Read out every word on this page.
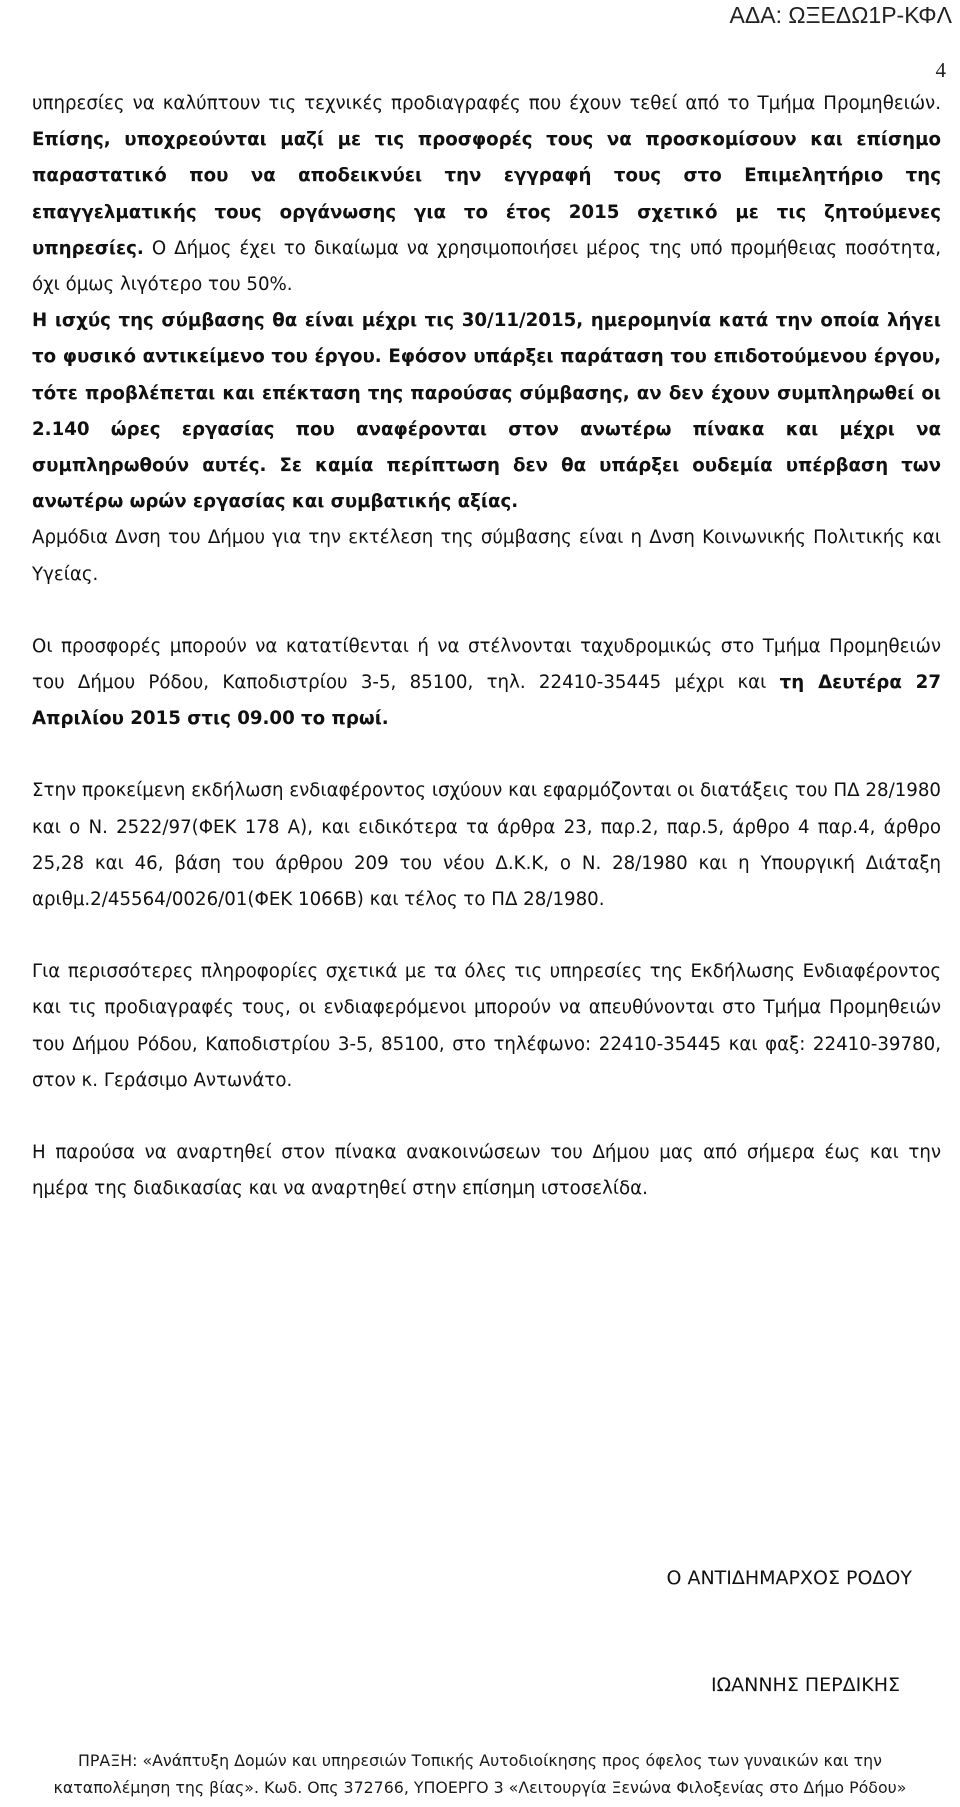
ΑΔΑ: ΩΞΕΔΩ1Ρ-ΚΦΛ
4

υπηρεσίες να καλύπτουν τις τεχνικές προδιαγραφές που έχουν τεθεί από το Τμήμα Προμηθειών. Επίσης, υποχρεούνται μαζί με τις προσφορές τους να προσκομίσουν και επίσημο παραστατικό που να αποδεικνύει την εγγραφή τους στο Επιμελητήριο της επαγγελματικής τους οργάνωσης για το έτος 2015 σχετικό με τις ζητούμενες υπηρεσίες. Ο Δήμος έχει το δικαίωμα να χρησιμοποιήσει μέρος της υπό προμήθειας ποσότητα, όχι όμως λιγότερο του 50%.

Η ισχύς της σύμβασης θα είναι μέχρι τις 30/11/2015, ημερομηνία κατά την οποία λήγει το φυσικό αντικείμενο του έργου. Εφόσον υπάρξει παράταση του επιδοτούμενου έργου, τότε προβλέπεται και επέκταση της παρούσας σύμβασης, αν δεν έχουν συμπληρωθεί οι 2.140 ώρες εργασίας που αναφέρονται στον ανωτέρω πίνακα και μέχρι να συμπληρωθούν αυτές. Σε καμία περίπτωση δεν θα υπάρξει ουδεμία υπέρβαση των ανωτέρω ωρών εργασίας και συμβατικής αξίας.

Αρμόδια Δνση του Δήμου για την εκτέλεση της σύμβασης είναι η Δνση Κοινωνικής Πολιτικής και Υγείας.

Οι προσφορές μπορούν να κατατίθενται ή να στέλνονται ταχυδρομικώς στο Τμήμα Προμηθειών του Δήμου Ρόδου, Καποδιστρίου 3-5, 85100, τηλ. 22410-35445 μέχρι και τη Δευτέρα 27 Απριλίου 2015 στις 09.00 το πρωί.

Στην προκείμενη εκδήλωση ενδιαφέροντος ισχύουν και εφαρμόζονται οι διατάξεις του ΠΔ 28/1980 και ο Ν. 2522/97(ΦΕΚ 178 Α), και ειδικότερα τα άρθρα 23, παρ.2, παρ.5, άρθρο 4 παρ.4, άρθρο 25,28 και 46, βάση του άρθρου 209 του νέου Δ.Κ.Κ, ο Ν. 28/1980 και η Υπουργική Διάταξη αριθμ.2/45564/0026/01(ΦΕΚ 1066Β) και τέλος το ΠΔ 28/1980.

Για περισσότερες πληροφορίες σχετικά με τα όλες τις υπηρεσίες της Εκδήλωσης Ενδιαφέροντος και τις προδιαγραφές τους, οι ενδιαφερόμενοι μπορούν να απευθύνονται στο Τμήμα Προμηθειών του Δήμου Ρόδου, Καποδιστρίου 3-5, 85100, στο τηλέφωνο: 22410-35445 και φαξ: 22410-39780, στον κ. Γεράσιμο Αντωνάτο.

Η παρούσα να αναρτηθεί στον πίνακα ανακοινώσεων του Δήμου μας από σήμερα έως και την ημέρα της διαδικασίας και να αναρτηθεί στην επίσημη ιστοσελίδα.

Ο ΑΝΤΙΔΗΜΑΡΧΟΣ ΡΟΔΟΥ
ΙΩΑΝΝΗΣ ΠΕΡΔΙΚΗΣ
ΠΡΑΞΗ: «Ανάπτυξη Δομών και υπηρεσιών Τοπικής Αυτοδιοίκησης προς όφελος των γυναικών και την
καταπολέμηση της βίας». Κωδ. Οπς 372766, ΥΠΟΕΡΓΟ 3 «Λειτουργία Ξενώνα Φιλοξενίας στο Δήμο Ρόδου»
